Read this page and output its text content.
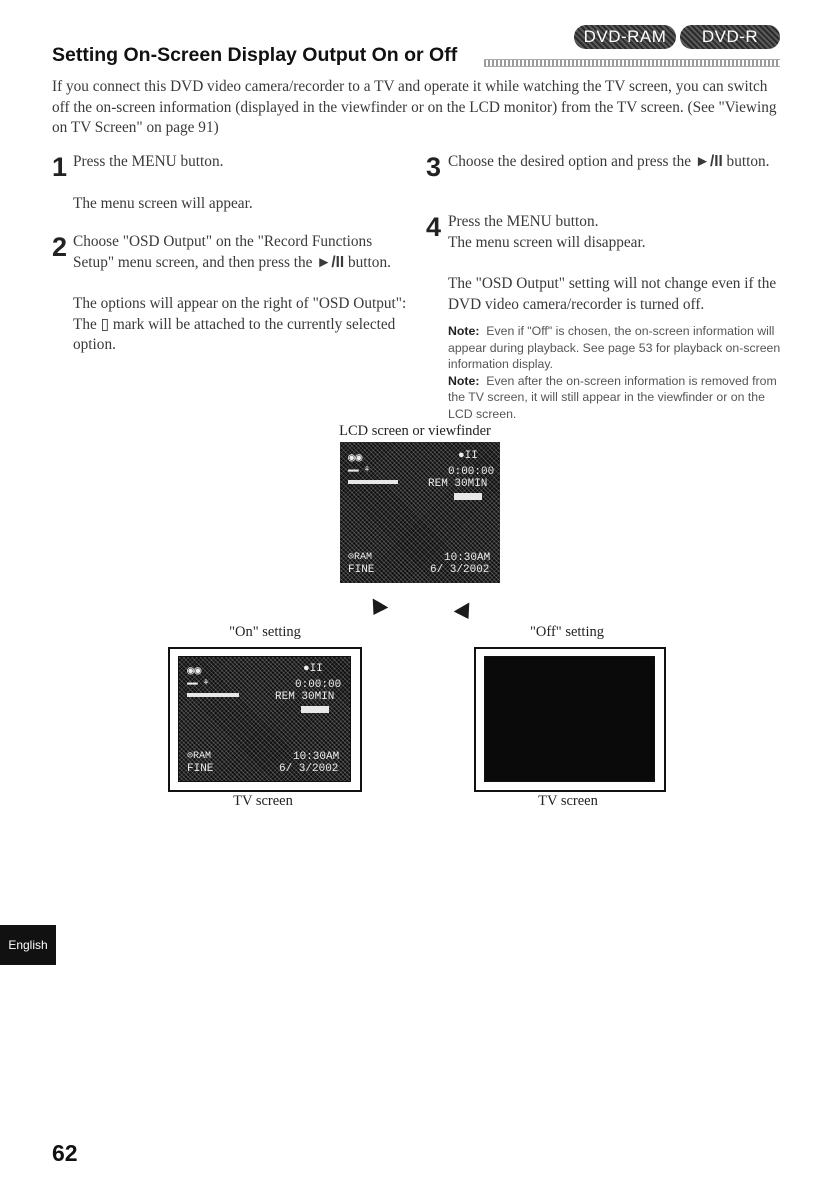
Setting On-Screen Display Output On or Off
DVD-RAM	DVD-R

If you connect this DVD video camera/recorder to a TV and operate it while watching the TV screen, you can switch off the on-screen information (displayed in the viewfinder or on the LCD monitor) from the TV screen. (See "Viewing on TV Screen" on page 91)

1 Press the MENU button.

The menu screen will appear.

2 Choose "OSD Output" on the "Record Functions Setup" menu screen, and then press the ►/II button.

The options will appear on the right of "OSD Output": The ▯ mark will be attached to the currently selected option.

3 Choose the desired option and press the ►/II button.

4 Press the MENU button.

The menu screen will disappear.

The "OSD Output" setting will not change even if the DVD video camera/recorder is turned off.

Note: Even if "Off" is chosen, the on-screen information will appear during playback. See page 53 for playback on-screen information display.

Note: Even after the on-screen information is removed from the TV screen, it will still appear in the viewfinder or on the LCD screen.

LCD screen or viewfinder
◉◉
▬▬ ⚘
●II
0:00:00
REM 30MIN
⊙RAM
FINE
10:30AM
6/ 3/2002
"On" setting	"Off" setting
◉◉
▬▬ ⚘
●II
0:00:00
REM 30MIN
⊙RAM
FINE
10:30AM
6/ 3/2002
TV screen	TV screen
English
62
